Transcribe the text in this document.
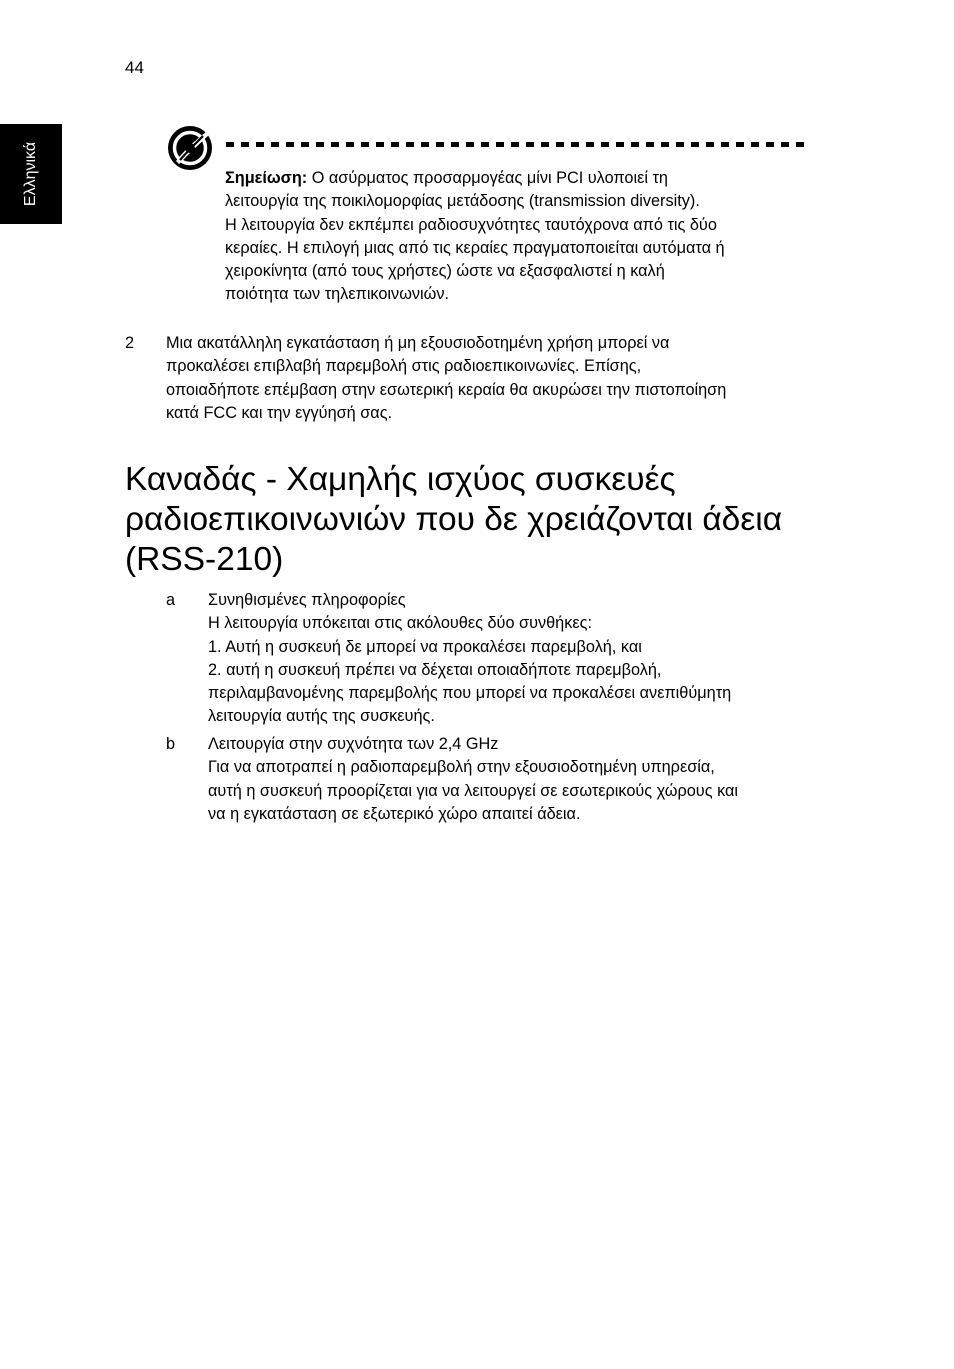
44
Ελληνικά	Σημείωση: Ο ασύρματος προσαρμογέας μίνι PCI υλοποιεί τη
λειτουργία της ποικιλομορφίας μετάδοσης (transmission diversity).
Η λειτουργία δεν εκπέμπει ραδιοσυχνότητες ταυτόχρονα από τις δύο
κεραίες. Η επιλογή μιας από τις κεραίες πραγματοποιείται αυτόματα ή
χειροκίνητα (από τους χρήστες) ώστε να εξασφαλιστεί η καλή
ποιότητα των τηλεπικοινωνιών.
2 Μια ακατάλληλη εγκατάσταση ή μη εξουσιοδοτημένη χρήση μπορεί να
προκαλέσει επιβλαβή παρεμβολή στις ραδιοεπικοινωνίες. Επίσης,
οποιαδήποτε επέμβαση στην εσωτερική κεραία θα ακυρώσει την πιστοποίηση
κατά FCC και την εγγύησή σας.
Καναδάς - Χαμηλής ισχύος συσκευές
ραδιοεπικοινωνιών που δε χρειάζονται άδεια
(RSS-210)
a Συνηθισμένες πληροφορίες
Η λειτουργία υπόκειται στις ακόλουθες δύο συνθήκες:
1. Αυτή η συσκευή δε μπορεί να προκαλέσει παρεμβολή, και
2. αυτή η συσκευή πρέπει να δέχεται οποιαδήποτε παρεμβολή,
περιλαμβανομένης παρεμβολής που μπορεί να προκαλέσει ανεπιθύμητη
λειτουργία αυτής της συσκευής.
b Λειτουργία στην συχνότητα των 2,4 GHz
Για να αποτραπεί η ραδιοπαρεμβολή στην εξουσιοδοτημένη υπηρεσία,
αυτή η συσκευή προορίζεται για να λειτουργεί σε εσωτερικούς χώρους και
να η εγκατάσταση σε εξωτερικό χώρο απαιτεί άδεια.
